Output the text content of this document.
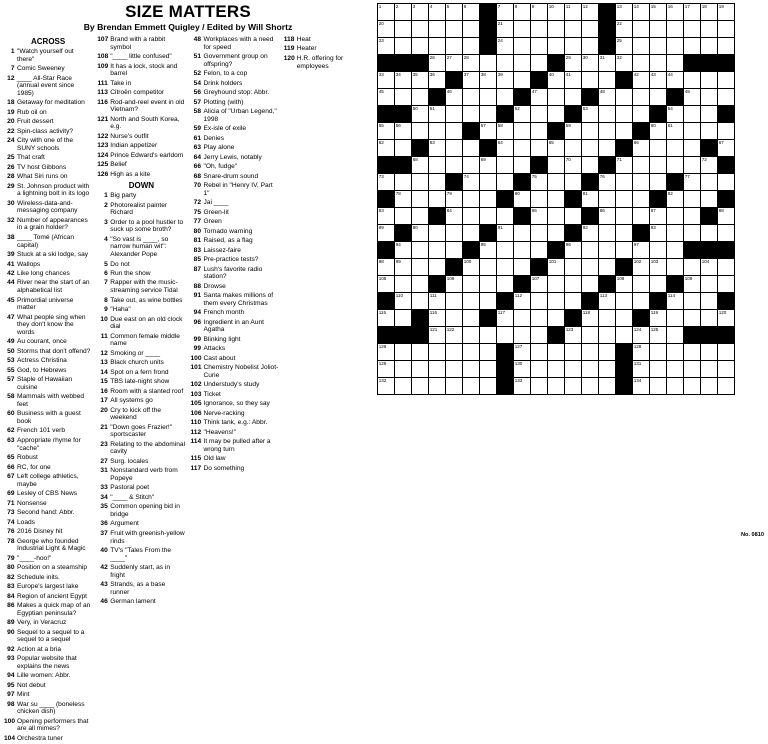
SIZE MATTERS
By Brendan Emmett Quigley / Edited by Will Shortz
ACROSS
1 "Watch yourself out there"
7 Comic Sweeney
12 ____ All-Star Race (annual event since 1985)
18 Getaway for meditation
19 Rub oil on
20 Fruit dessert
22 Spin-class activity?
24 City with one of the SUNY schools
25 That craft
26 TV host Gibbons
28 What Siri runs on
29 St. Johnson product with a lightning bolt in its logo
30 Wireless-data-and-messaging company
32 Number of appearances in a grain holder?
38 ____ Tomé (African capital)
39 Stuck at a ski lodge, say
41 Wallops
42 Like long chances
44 River near the start of an alphabetical list
45 Primordial universe matter
47 What people sing when they don't know the words
49 Au courant, once
50 Storms that don't offend?
53 Actress Christina
55 God, to Hebrews
57 Staple of Hawaiian cuisine
58 Mammals with webbed feet
60 Business with a guest book
62 French 101 verb
63 Appropriate rhyme for "cache"
65 Robust
66 RC, for one
67 Left college athletics, maybe
69 Lesley of CBS News
71 Nonsense
73 Second hand: Abbr.
74 Loads
76 2016 Disney hit
78 George who founded Industrial Light & Magic
79 "____-hoo!"
80 Position on a steamship
82 Schedule inits.
83 Europe's largest lake
84 Region of ancient Egypt
86 Makes a quick map of an Egyptian peninsula?
89 Very, in Veracruz
90 Sequel to a sequel to a sequel to a sequel
92 Action at a bria
93 Popular website that explains the news
94 Lille women: Abbr.
95 Not debut
97 Mint
98 War su ____ (boneless chicken dish)
100 Opening performers that are all mimes?
104 Orchestra tuner
107 Brand with a rabbit symbol
108 "____ little confused"
109 It has a lock, stock and barrel
111 Take in
113 Citroën competitor
116 Rod-and-reel event in old Vietnam?
121 North and South Korea, e.g.
122 Nurse's outfit
123 Indian appetizer
124 Prince Edward's earldom
125 Belief
126 High as a kite
DOWN
1 Big party
2 Photorealist painter Richard
3 Order to a pool hustler to suck up some broth?
4 "So vast is ____, so narrow human wit": Alexander Pope
5 Do not
6 Run the show
7 Rapper with the music-streaming service Tidal
8 Take out, as wine bottles
9 "Haha"
10 Due east on an old clock dial
11 Common female middle name
12 Smoking or ____
13 Black church units
14 Spot on a fern frond
15 TBS late-night show
16 Room with a slanted roof
17 All systems go
20 Cry to kick off the weekend
21 "Down goes Frazier!" sportscaster
23 Relating to the abdominal cavity
27 Surg. locales
31 Nonstandard verb from Popeye
33 Pastoral poet
34 "____ & Stitch"
35 Common opening bid in bridge
36 Argument
37 Fruit with greenish-yellow rinds
40 TV's "Tales From the ____"
42 Suddenly start, as in fright
43 Strands, as a base runner
46 German lament
48 Workplaces with a need for speed
51 Government group on offspring?
52 Felon, to a cop
54 Drink holders
56 Greyhound stop: Abbr.
57 Plotting (with)
58 Alicia of "Urban Legend," 1998
59 Ex-isle of exile
61 Denies
63 Play alone
64 Jerry Lewis, notably
66 "Oh, fudge"
68 Snare-drum sound
70 Rebel in "Henry IV, Part 1"
72 Jai ____
75 Green-lit
77 Green
80 Tornado warning
81 Raised, as a flag
83 Laissez-faire
85 Pre-practice tests?
87 Lush's favorite radio station?
88 Drowse
91 Santa makes millions of them every Christmas
94 French month
96 Ingredient in an Aunt Agatha
99 Blinking light
99 Attacks
100 Cast about
101 Chemistry Nobelist Joliot-Curie
102 Understudy's study
103 Ticket
105 Ignorance, so they say
106 Nerve-racking
110 Think tank, e.g.: Abbr.
112 "Heavens!"
114 It may be pulled after a wrong turn
115 Old law
117 Do something
118 Heat
119 Heater
120 H.R. offering for employees
1	2	3	4	5	6	7	8	9	10	11	12	13	14	15	16	17	18	19
20	21	22
23	24	25
26	27	28	29	30	31	32
33	34	35	36	37	38	39	40	41	42	43	44
45	46	47	48	49
50	51	52	53	54
55	56	57	58	59	60	61
62	63	64	65	66	67
68	69	70	71	72
73	74	75	76	77
78	79	80	81	82
83	84	85	86	87	88
89	90	91	92	93
94	95	96	97
98	99	100	101	102 103	104
105	106	107	108	109
110	111	112	113	114
115	116	117	118	119	120
121 122	123	124 125
126	127	128
129	130	131
132	133	134
No. 0810
